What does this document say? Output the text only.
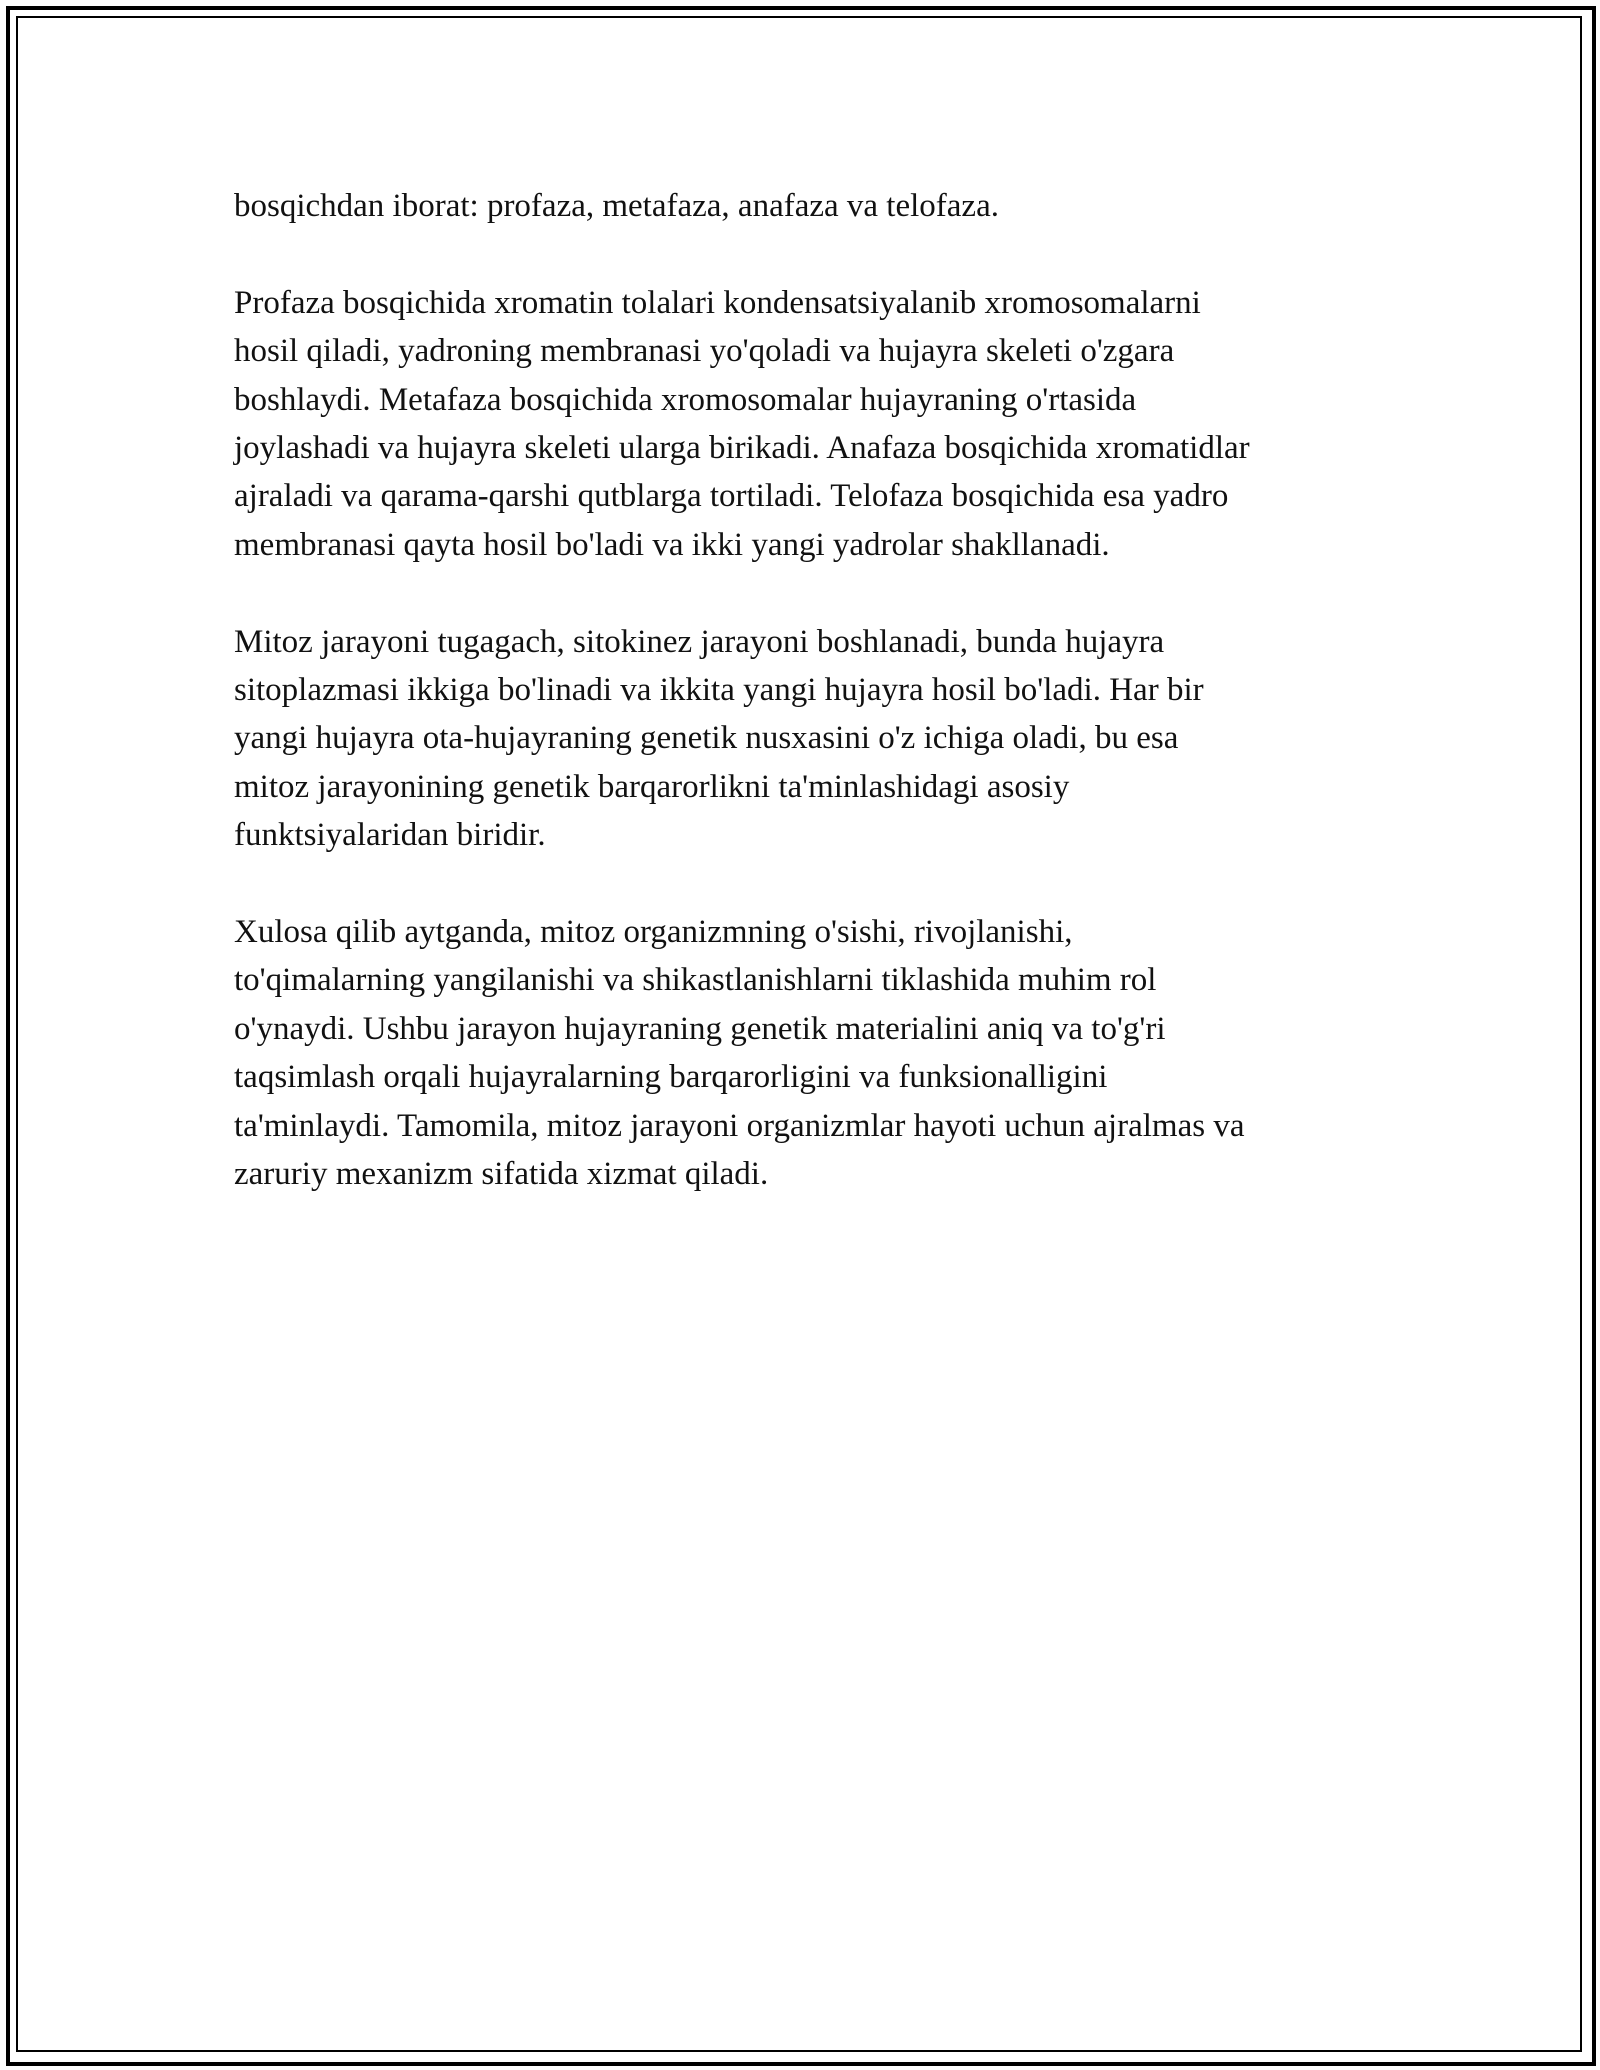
bosqichdan iborat: profaza, metafaza, anafaza va telofaza.

Profaza bosqichida xromatin tolalari kondensatsiyalanib xromosomalarni
hosil qiladi, yadroning membranasi yo'qoladi va hujayra skeleti o'zgara
boshlaydi. Metafaza bosqichida xromosomalar hujayraning o'rtasida
joylashadi va hujayra skeleti ularga birikadi. Anafaza bosqichida xromatidlar
ajraladi va qarama-qarshi qutblarga tortiladi. Telofaza bosqichida esa yadro
membranasi qayta hosil bo'ladi va ikki yangi yadrolar shakllanadi.

Mitoz jarayoni tugagach, sitokinez jarayoni boshlanadi, bunda hujayra
sitoplazmasi ikkiga bo'linadi va ikkita yangi hujayra hosil bo'ladi. Har bir
yangi hujayra ota-hujayraning genetik nusxasini o'z ichiga oladi, bu esa
mitoz jarayonining genetik barqarorlikni ta'minlashidagi asosiy
funktsiyalaridan biridir.

Xulosa qilib aytganda, mitoz organizmning o'sishi, rivojlanishi,
to'qimalarning yangilanishi va shikastlanishlarni tiklashida muhim rol
o'ynaydi. Ushbu jarayon hujayraning genetik materialini aniq va to'g'ri
taqsimlash orqali hujayralarning barqarorligini va funksionalligini
ta'minlaydi. Tamomila, mitoz jarayoni organizmlar hayoti uchun ajralmas va
zaruriy mexanizm sifatida xizmat qiladi.
